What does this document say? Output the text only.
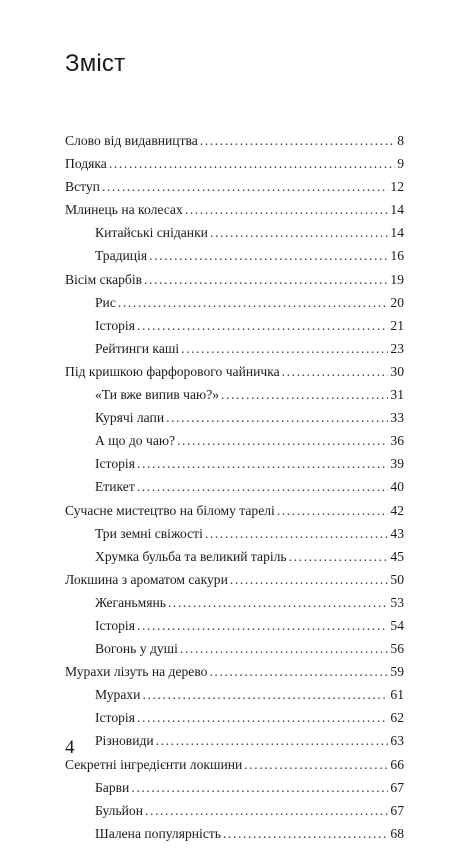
Зміст
Слово від видавництва .....	8
Подяка .....	9
Вступ .....	12
Млинець на колесах .....	14
Китайські сніданки .....	14
Традиція .....	16
Вісім скарбів .....	19
Рис .....	20
Історія .....	21
Рейтинги каші .....	23
Під кришкою фарфорового чайничка .....	30
«Ти вже випив чаю?» .....	31
Курячі лапи .....	33
А що до чаю? .....	36
Історія .....	39
Етикет .....	40
Сучасне мистецтво на білому тарелі .....	42
Три земні свіжості .....	43
Хрумка бульба та великий таріль .....	45
Локшина з ароматом сакури .....	50
Жеганьмянь .....	53
Історія .....	54
Вогонь у душі .....	56
Мурахи лізуть на дерево .....	59
Мурахи .....	61
Історія .....	62
Різновиди .....	63
Секретні інгредієнти локшини .....	66
Барви .....	67
Бульйон .....	67
Шалена популярність .....	68
4
